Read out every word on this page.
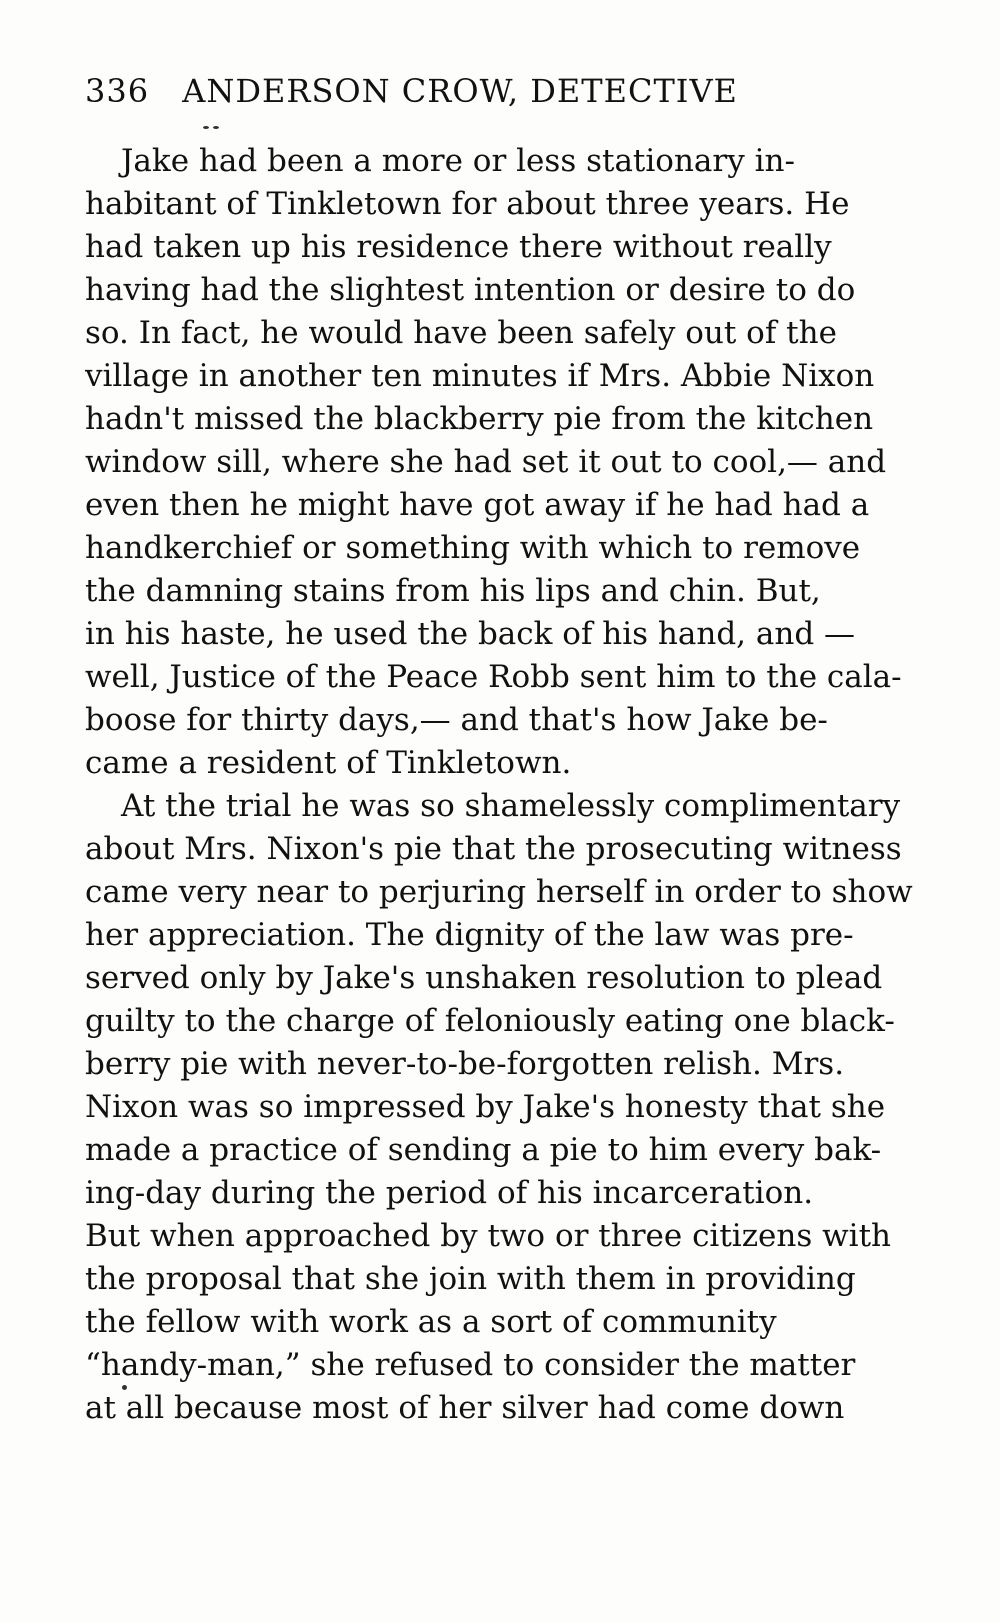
336 ANDERSON CROW, DETECTIVE
Jake had been a more or less stationary in-
habitant of Tinkletown for about three years. He
had taken up his residence there without really
having had the slightest intention or desire to do
so. In fact, he would have been safely out of the
village in another ten minutes if Mrs. Abbie Nixon
hadn't missed the blackberry pie from the kitchen
window sill, where she had set it out to cool,— and
even then he might have got away if he had had a
handkerchief or something with which to remove
the damning stains from his lips and chin. But,
in his haste, he used the back of his hand, and —
well, Justice of the Peace Robb sent him to the cala-
boose for thirty days,— and that's how Jake be-
came a resident of Tinkletown.
At the trial he was so shamelessly complimentary
about Mrs. Nixon's pie that the prosecuting witness
came very near to perjuring herself in order to show
her appreciation. The dignity of the law was pre-
served only by Jake's unshaken resolution to plead
guilty to the charge of feloniously eating one black-
berry pie with never-to-be-forgotten relish. Mrs.
Nixon was so impressed by Jake's honesty that she
made a practice of sending a pie to him every bak-
ing-day during the period of his incarceration.
But when approached by two or three citizens with
the proposal that she join with them in providing
the fellow with work as a sort of community
“handy-man,” she refused to consider the matter
at all because most of her silver had come down
